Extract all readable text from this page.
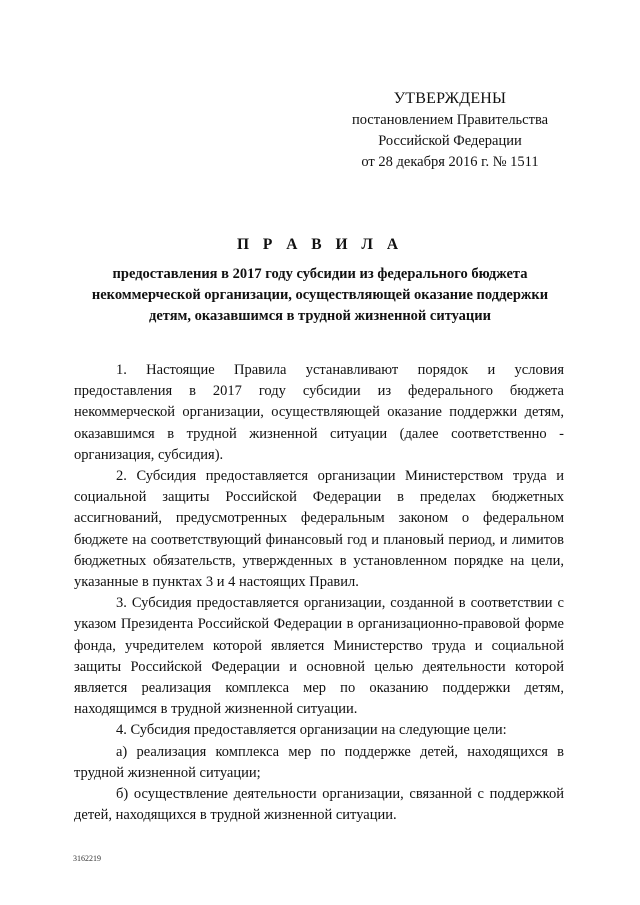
УТВЕРЖДЕНЫ
постановлением Правительства
Российской Федерации
от 28 декабря 2016 г. № 1511
П Р А В И Л А
предоставления в 2017 году субсидии из федерального бюджета некоммерческой организации, осуществляющей оказание поддержки детям, оказавшимся в трудной жизненной ситуации

1. Настоящие Правила устанавливают порядок и условия предоставления в 2017 году субсидии из федерального бюджета некоммерческой организации, осуществляющей оказание поддержки детям, оказавшимся в трудной жизненной ситуации (далее соответственно - организация, субсидия).

2. Субсидия предоставляется организации Министерством труда и социальной защиты Российской Федерации в пределах бюджетных ассигнований, предусмотренных федеральным законом о федеральном бюджете на соответствующий финансовый год и плановый период, и лимитов бюджетных обязательств, утвержденных в установленном порядке на цели, указанные в пунктах 3 и 4 настоящих Правил.

3. Субсидия предоставляется организации, созданной в соответствии с указом Президента Российской Федерации в организационно-правовой форме фонда, учредителем которой является Министерство труда и социальной защиты Российской Федерации и основной целью деятельности которой является реализация комплекса мер по оказанию поддержки детям, находящимся в трудной жизненной ситуации.

4. Субсидия предоставляется организации на следующие цели:

а) реализация комплекса мер по поддержке детей, находящихся в трудной жизненной ситуации;

б) осуществление деятельности организации, связанной с поддержкой детей, находящихся в трудной жизненной ситуации.

3162219
